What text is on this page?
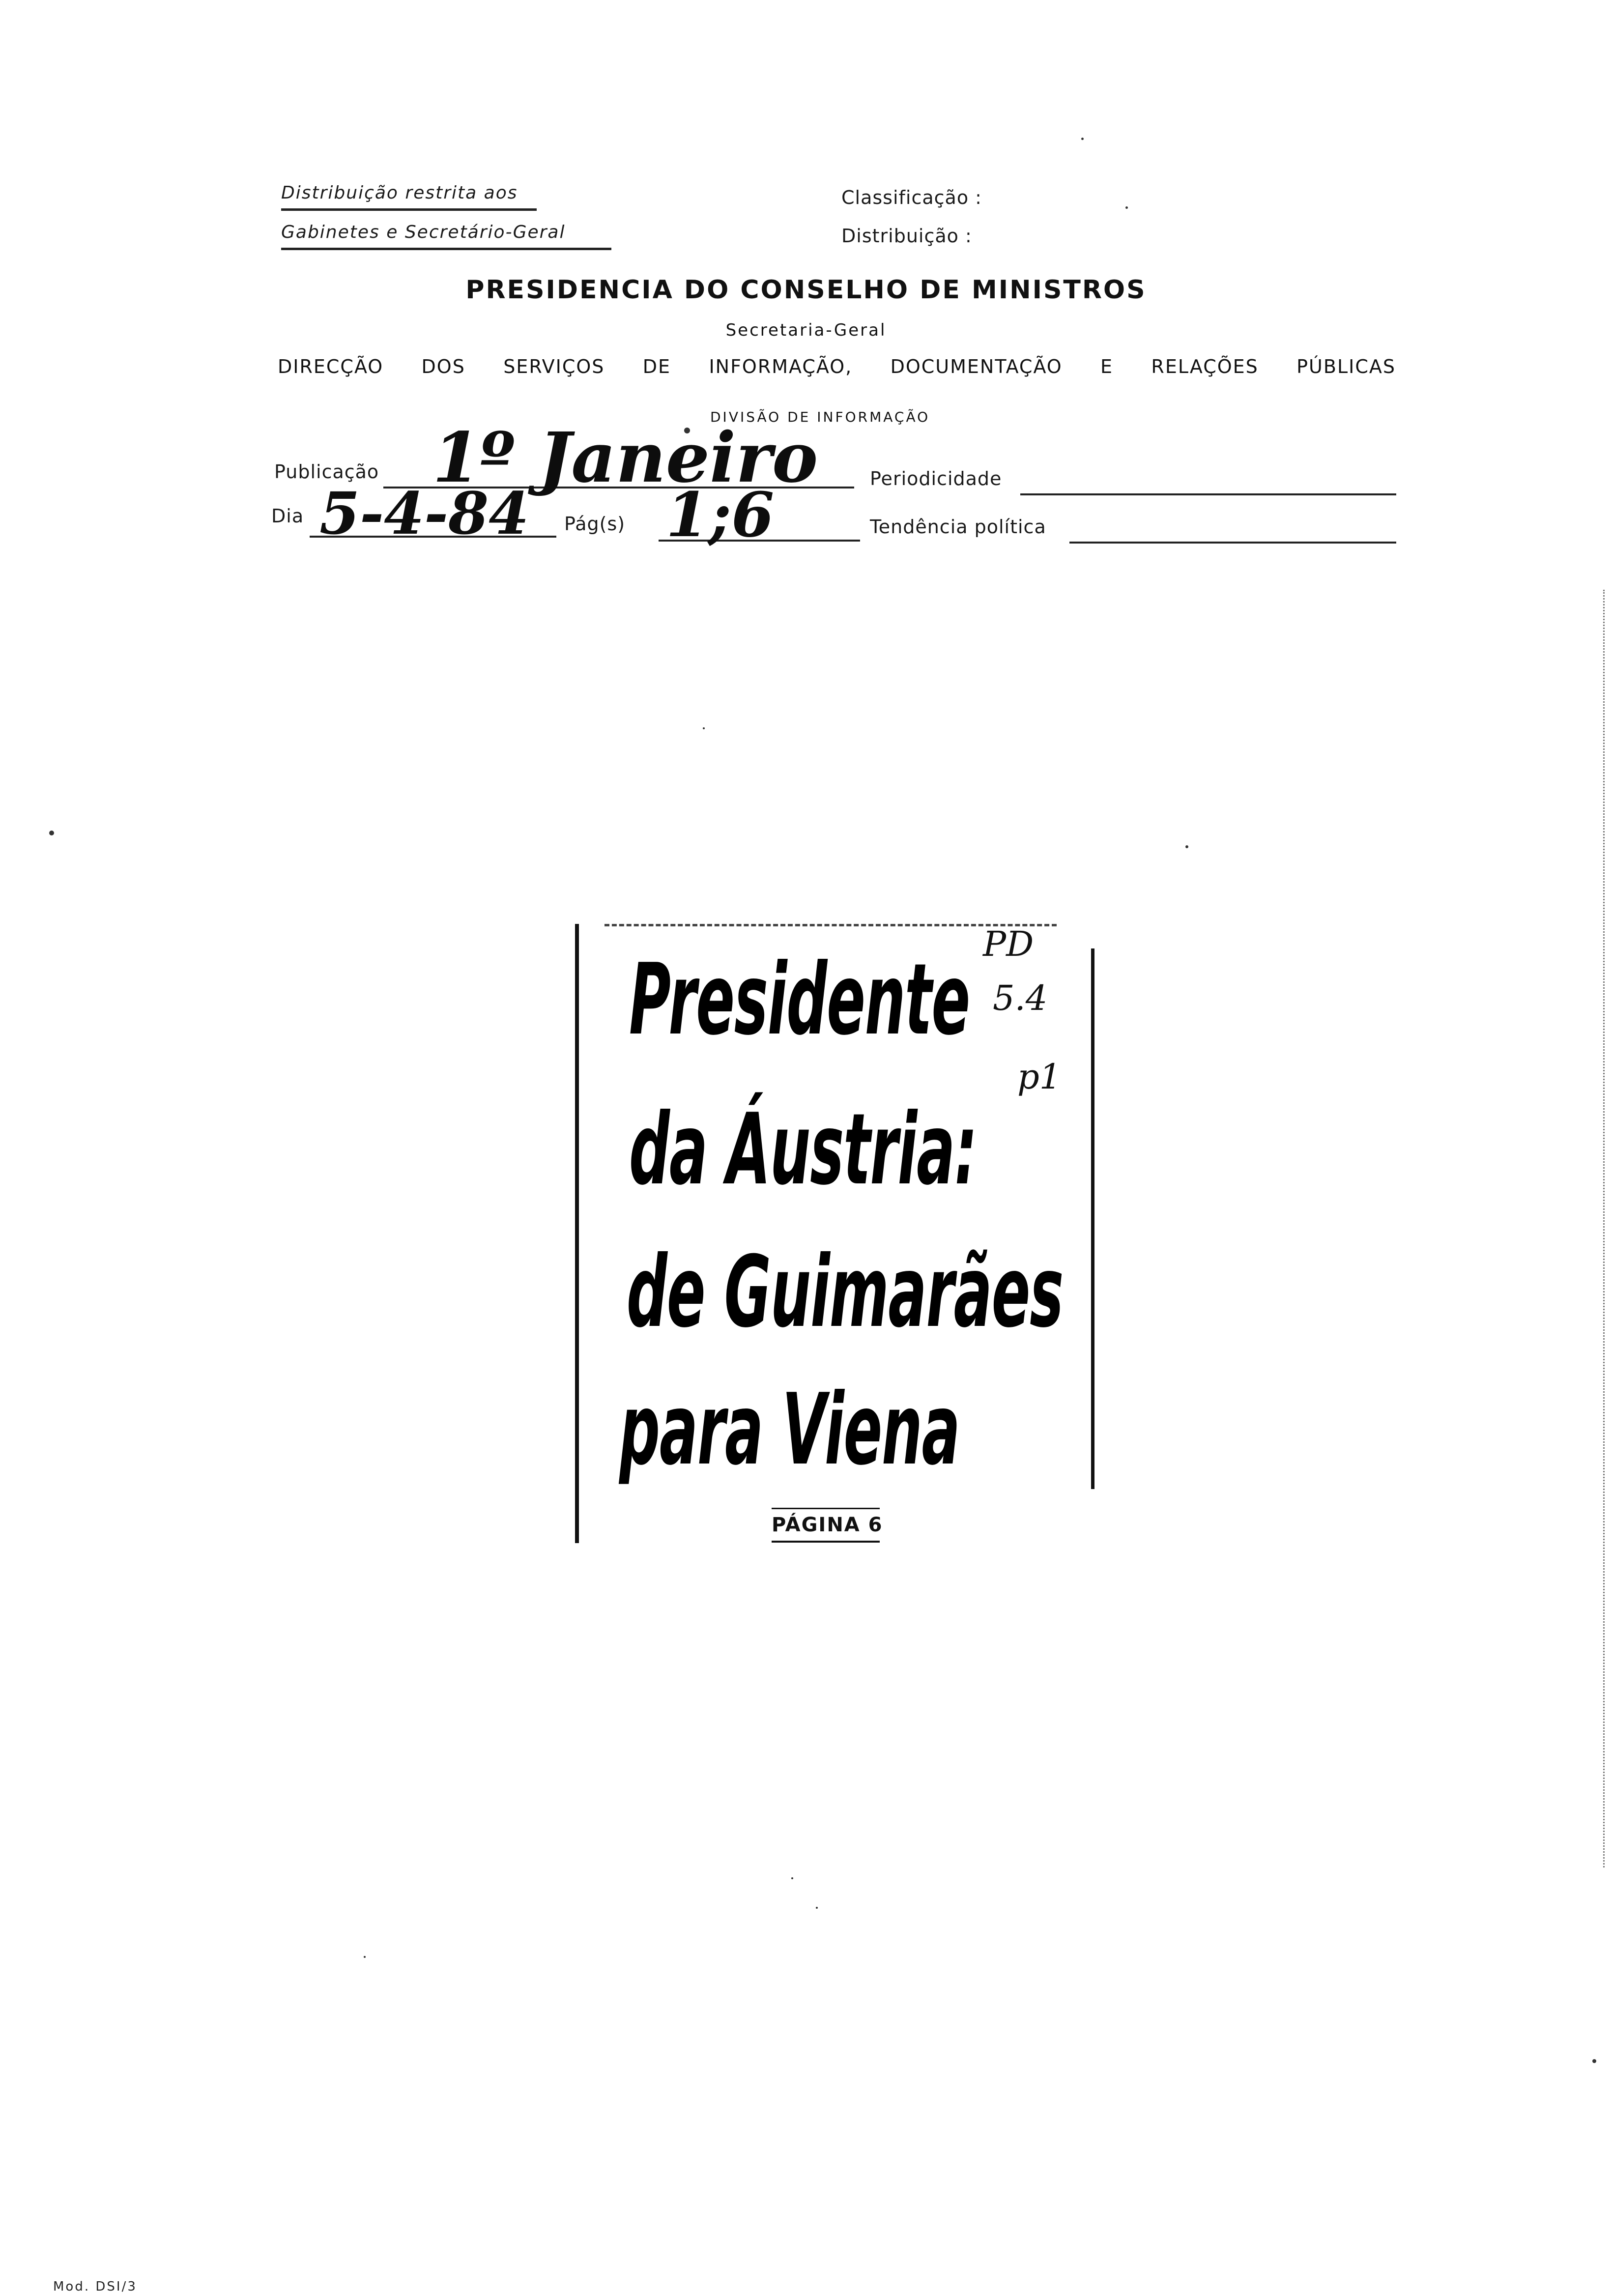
Distribuição restrita aos
Gabinetes e Secretário-Geral
Classificação :
Distribuição :
PRESIDENCIA DO CONSELHO DE MINISTROS
Secretaria-Geral
DIRECÇÃO DOS SERVIÇOS DE INFORMAÇÃO, DOCUMENTAÇÃO E RELAÇÕES PÚBLICAS
DIVISÃO DE INFORMAÇÃO
Publicação 1º Janeiro	Periodicidade
Dia 5-4-84 Pág(s) 1;6	Tendência política
Presidente
da Áustria:
de Guimarães
para Viena
PÁGINA 6
PD
5.4
p1
Mod. DSI/3
